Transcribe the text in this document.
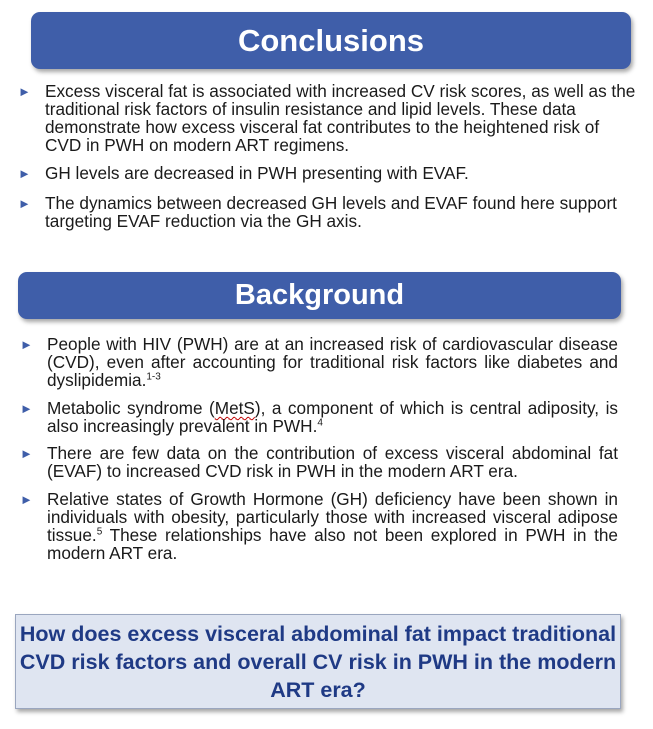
Conclusions
► Excess visceral fat is associated with increased CV risk scores, as well as the traditional risk factors of insulin resistance and lipid levels. These data demonstrate how excess visceral fat contributes to the heightened risk of CVD in PWH on modern ART regimens.
► GH levels are decreased in PWH presenting with EVAF.
► The dynamics between decreased GH levels and EVAF found here support targeting EVAF reduction via the GH axis.
Background
► People with HIV (PWH) are at an increased risk of cardiovascular disease (CVD), even after accounting for traditional risk factors like diabetes and dyslipidemia.$^{1-3}$
► Metabolic syndrome (MetS), a component of which is central adiposity, is also increasingly prevalent in PWH.$^4$
► There are few data on the contribution of excess visceral abdominal fat (EVAF) to increased CVD risk in PWH in the modern ART era.
► Relative states of Growth Hormone (GH) deficiency have been shown in individuals with obesity, particularly those with increased visceral adipose tissue.$^5$ These relationships have also not been explored in PWH in the modern ART era.
How does excess visceral abdominal fat impact traditional CVD risk factors and overall CV risk in PWH in the modern ART era?
